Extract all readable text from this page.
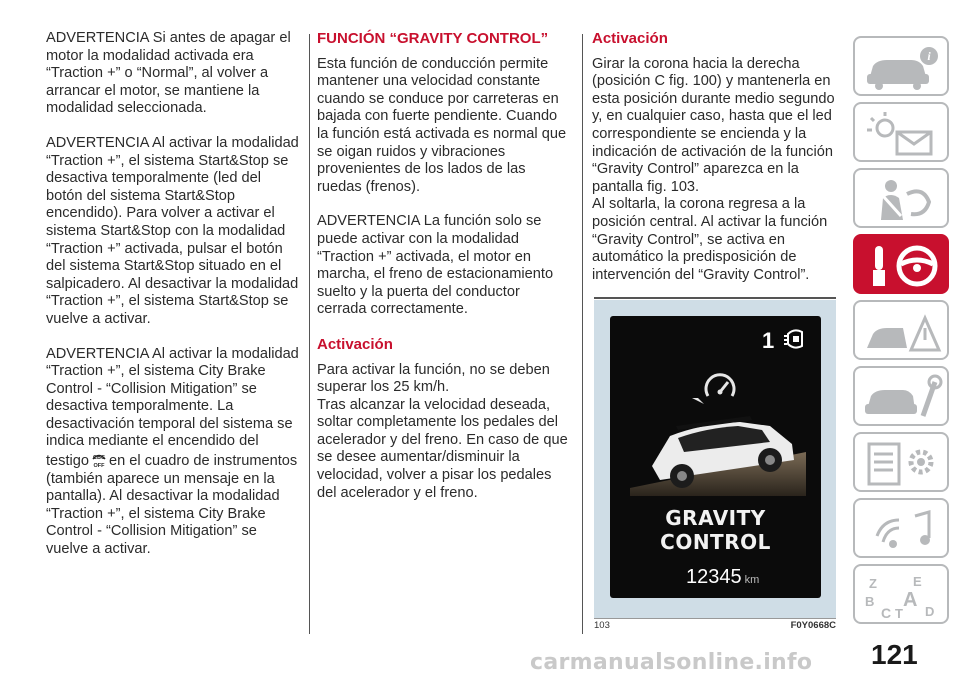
ADVERTENCIA Si antes de apagar el motor la modalidad activada era “Traction +” o “Normal”, al volver a arrancar el motor, se mantiene la modalidad seleccionada.

ADVERTENCIA Al activar la modalidad “Traction +”, el sistema Start&Stop se desactiva temporalmente (led del botón del sistema Start&Stop encendido). Para volver a activar el sistema Start&Stop con la modalidad “Traction +” activada, pulsar el botón del sistema Start&Stop situado en el salpicadero. Al desactivar la modalidad “Traction +”, el sistema Start&Stop se vuelve a activar.

ADVERTENCIA Al activar la modalidad “Traction +”, el sistema City Brake Control - “Collision Mitigation” se desactiva temporalmente. La desactivación temporal del sistema se indica mediante el encendido del testigo CBC
OFF en el cuadro de instrumentos (también aparece un mensaje en la pantalla). Al desactivar la modalidad “Traction +”, el sistema City Brake Control - “Collision Mitigation” se vuelve a activar.

FUNCIÓN “GRAVITY CONTROL”

Esta función de conducción permite mantener una velocidad constante cuando se conduce por carreteras en bajada con fuerte pendiente. Cuando la función está activada es normal que se oigan ruidos y vibraciones provenientes de los lados de las ruedas (frenos).

ADVERTENCIA La función solo se puede activar con la modalidad “Traction +” activada, el motor en marcha, el freno de estacionamiento suelto y la puerta del conductor cerrada correctamente.

Activación

Para activar la función, no se deben superar los 25 km/h.

Tras alcanzar la velocidad deseada, soltar completamente los pedales del acelerador y del freno. En caso de que se desee aumentar/disminuir la velocidad, volver a pisar los pedales del acelerador y el freno.

Activación

Girar la corona hacia la derecha (posición C fig. 100) y mantenerla en esta posición durante medio segundo y, en cualquier caso, hasta que el led correspondiente se encienda y la indicación de activación de la función “Gravity Control” aparezca en la pantalla fig. 103.

Al soltarla, la corona regresa a la posición central. Al activar la función “Gravity Control”, se activa en automático la predisposición de intervención del “Gravity Control”.

1
GRAVITY CONTROL
12345 km
103	F0Y0668C
i
Z	E
B A
C T D
121
carmanualsonline.info
